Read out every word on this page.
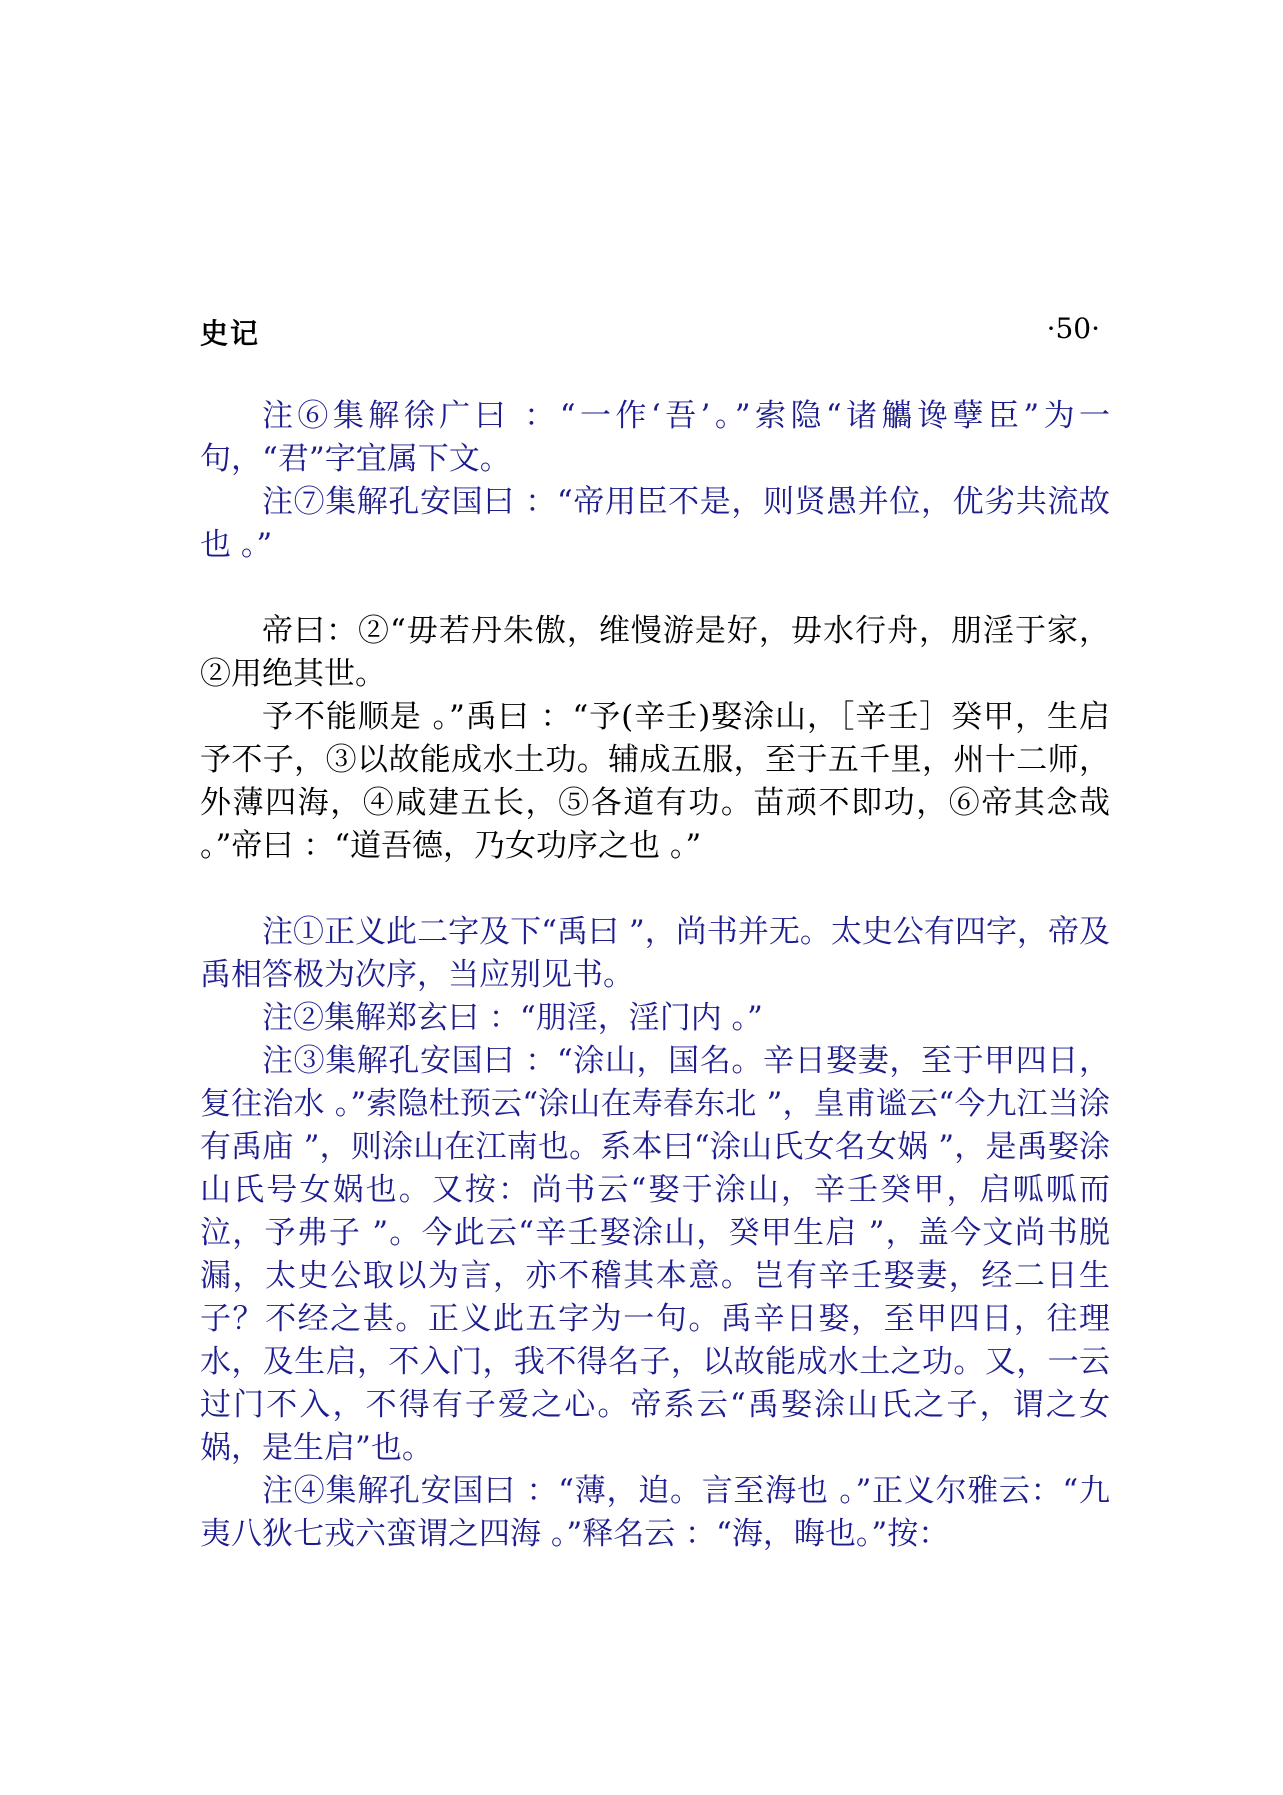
史记	·50·

注⑥集解徐广曰 ：“一作‘吾’。”索隐“诸觿谗孽臣”为一句，“君”字宜属下文。

注⑦集解孔安国曰 ：“帝用臣不是，则贤愚并位，优劣共流故也 。”

帝曰：②“毋若丹朱傲，维慢游是好，毋水行舟，朋淫于家，②用绝其世。

予不能顺是 。”禹曰 ：“予(辛壬)娶涂山，［辛壬］癸甲，生启予不子，③以故能成水土功。辅成五服，至于五千里，州十二师，外薄四海，④咸建五长，⑤各道有功。苗顽不即功，⑥帝其念哉 。”帝曰 ：“道吾德，乃女功序之也 。”

注①正义此二字及下“禹曰 ”，尚书并无。太史公有四字，帝及禹相答极为次序，当应别见书。

注②集解郑玄曰 ：“朋淫，淫门内 。”

注③集解孔安国曰 ：“涂山，国名。辛日娶妻，至于甲四日，复往治水 。”索隐杜预云“涂山在寿春东北 ”，皇甫谧云“今九江当涂有禹庙 ”，则涂山在江南也。系本曰“涂山氏女名女娲 ”，是禹娶涂山氏号女娲也。又按：尚书云“娶于涂山，辛壬癸甲，启呱呱而泣，予弗子 ”。今此云“辛壬娶涂山，癸甲生启 ”，盖今文尚书脱漏，太史公取以为言，亦不稽其本意。岂有辛壬娶妻，经二日生子？不经之甚。正义此五字为一句。禹辛日娶，至甲四日，往理水，及生启，不入门，我不得名子，以故能成水土之功。又，一云过门不入，不得有子爱之心。帝系云“禹娶涂山氏之子，谓之女娲，是生启”也。

注④集解孔安国曰 ：“薄，迫。言至海也 。”正义尔雅云：“九夷八狄七戎六蛮谓之四海 。”释名云 ：“海，晦也。”按：
